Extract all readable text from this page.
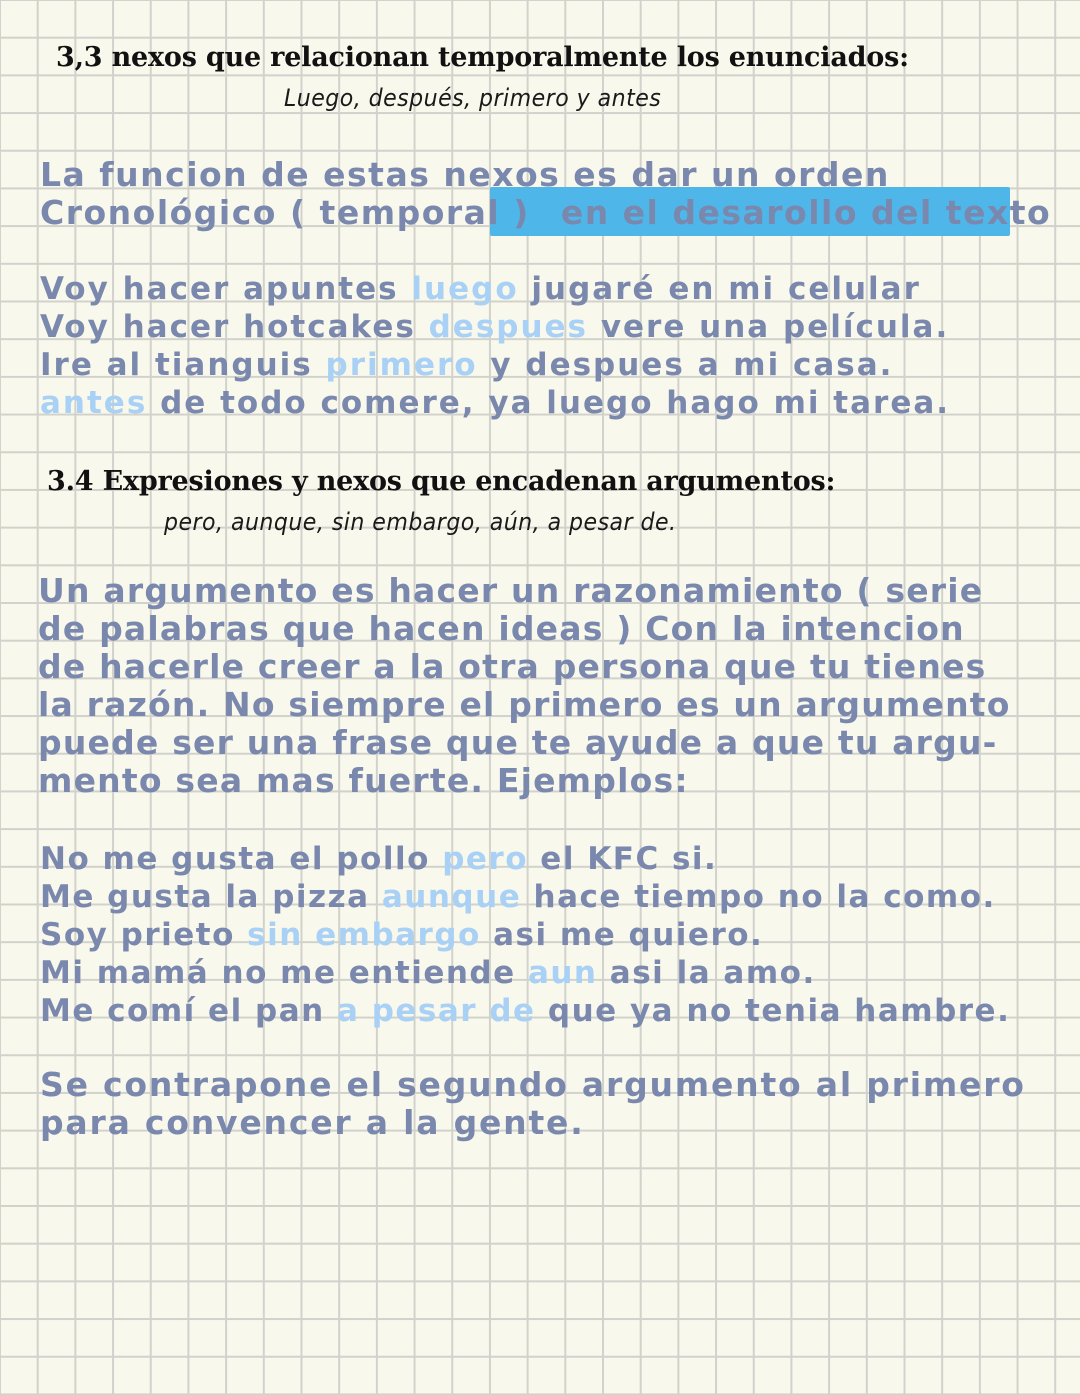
3,3 nexos que relacionan temporalmente los enunciados:
Luego, después, primero y antes
La funcion de estas nexos es dar un orden
Cronológico ( temporal ) en el desarollo del texto
Voy hacer apuntes luego jugaré en mi celular
Voy hacer hotcakes despues vere una película.
Ire al tianguis primero y despues a mi casa.
antes de todo comere, ya luego hago mi tarea.
3.4 Expresiones y nexos que encadenan argumentos:
pero, aunque, sin embargo, aún, a pesar de.
Un argumento es hacer un razonamiento ( serie
de palabras que hacen ideas ) Con la intencion
de hacerle creer a la otra persona que tu tienes
la razón. No siempre el primero es un argumento
puede ser una frase que te ayude a que tu argu-
mento sea mas fuerte. Ejemplos:
No me gusta el pollo pero el KFC si.
Me gusta la pizza aunque hace tiempo no la como.
Soy prieto sin embargo asi me quiero.
Mi mamá no me entiende aun asi la amo.
Me comí el pan a pesar de que ya no tenia hambre.
Se contrapone el segundo argumento al primero
para convencer a la gente.
